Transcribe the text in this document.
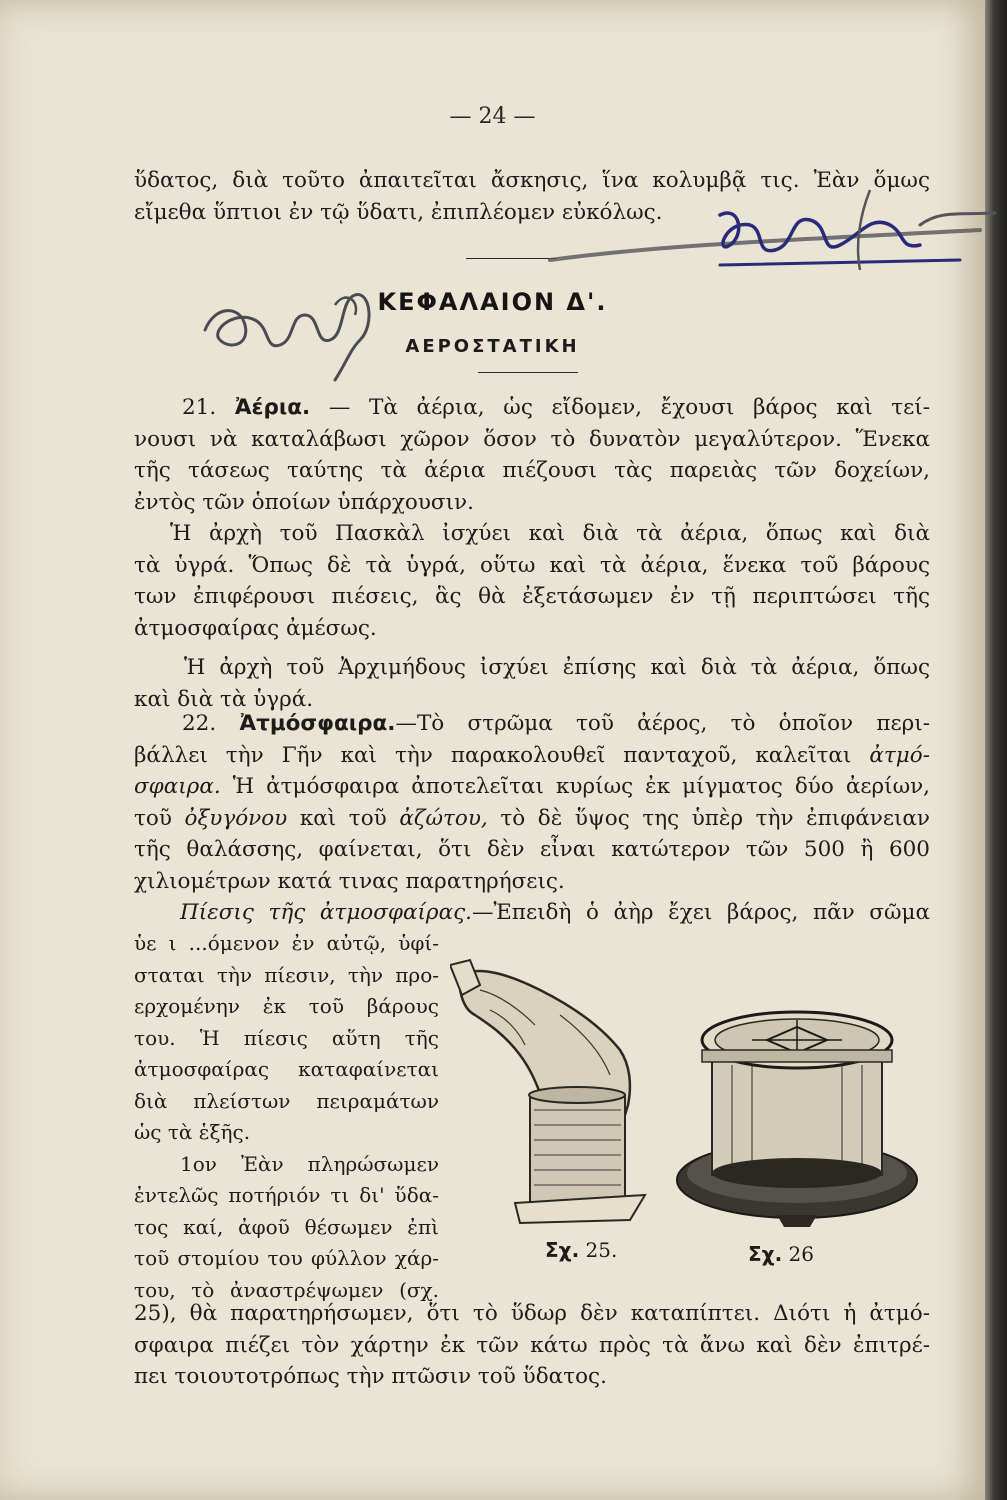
— 24 —
ὕδατος, διὰ τοῦτο ἀπαιτεῖται ἄσκησις, ἵνα κολυμβᾷ τις. Ἐὰν ὅμως
εἴμεθα ὕπτιοι ἐν τῷ ὕδατι, ἐπιπλέομεν εὐκόλως.
ΚΕΦΑΛΑΙΟΝ Δ'.
ΑΕΡΟΣΤΑΤΙΚΗ
21. Ἀέρια. — Τὰ ἀέρια, ὡς εἴδομεν, ἔχουσι βάρος καὶ τεί-
νουσι νὰ καταλάβωσι χῶρον ὅσον τὸ δυνατὸν μεγαλύτερον. Ἕνεκα
τῆς τάσεως ταύτης τὰ ἀέρια πιέζουσι τὰς παρειὰς τῶν δοχείων,
ἐντὸς τῶν ὁποίων ὑπάρχουσιν.
Ἡ ἀρχὴ τοῦ Πασκὰλ ἰσχύει καὶ διὰ τὰ ἀέρια, ὅπως καὶ διὰ
τὰ ὑγρά. Ὅπως δὲ τὰ ὑγρά, οὕτω καὶ τὰ ἀέρια, ἕνεκα τοῦ βάρους
των ἐπιφέρουσι πιέσεις, ἃς θὰ ἐξετάσωμεν ἐν τῇ περιπτώσει τῆς
ἀτμοσφαίρας ἀμέσως.
Ἡ ἀρχὴ τοῦ Ἀρχιμήδους ἰσχύει ἐπίσης καὶ διὰ τὰ ἀέρια, ὅπως
καὶ διὰ τὰ ὑγρά.
22. Ἀτμόσφαιρα.—Τὸ στρῶμα τοῦ ἀέρος, τὸ ὁποῖον περι-
βάλλει τὴν Γῆν καὶ τὴν παρακολουθεῖ πανταχοῦ, καλεῖται ἀτμό-
σφαιρα. Ἡ ἀτμόσφαιρα ἀποτελεῖται κυρίως ἐκ μίγματος δύο ἀερίων,
τοῦ ὀξυγόνου καὶ τοῦ ἀζώτου, τὸ δὲ ὕψος της ὑπὲρ τὴν ἐπιφάνειαν
τῆς θαλάσσης, φαίνεται, ὅτι δὲν εἶναι κατώτερον τῶν 500 ἢ 600
χιλιομέτρων κατά τινας παρατηρήσεις.
Πίεσις τῆς ἀτμοσφαίρας.—Ἐπειδὴ ὁ ἀὴρ ἔχει βάρος, πᾶν σῶμα
ὑε ι ...όμενον ἐν αὐτῷ, ὑφί-
σταται τὴν πίεσιν, τὴν προ-
ερχομένην ἐκ τοῦ βάρους
του. Ἡ πίεσις αὕτη τῆς
ἀτμοσφαίρας καταφαίνεται
διὰ πλείστων πειραμάτων
ὡς τὰ ἑξῆς.
1ον Ἐὰν πληρώσωμεν
ἐντελῶς ποτήριόν τι δι' ὕδα-
τος καί, ἀφοῦ θέσωμεν ἐπὶ
τοῦ στομίου του φύλλον χάρ-
του, τὸ ἀναστρέψωμεν (σχ.
25), θὰ παρατηρήσωμεν, ὅτι τὸ ὕδωρ δὲν καταπίπτει. Διότι ἡ ἀτμό-
σφαιρα πιέζει τὸν χάρτην ἐκ τῶν κάτω πρὸς τὰ ἄνω καὶ δὲν ἐπιτρέ-
πει τοιουτοτρόπως τὴν πτῶσιν τοῦ ὕδατος.
Σχ. 25.	Σχ. 26
